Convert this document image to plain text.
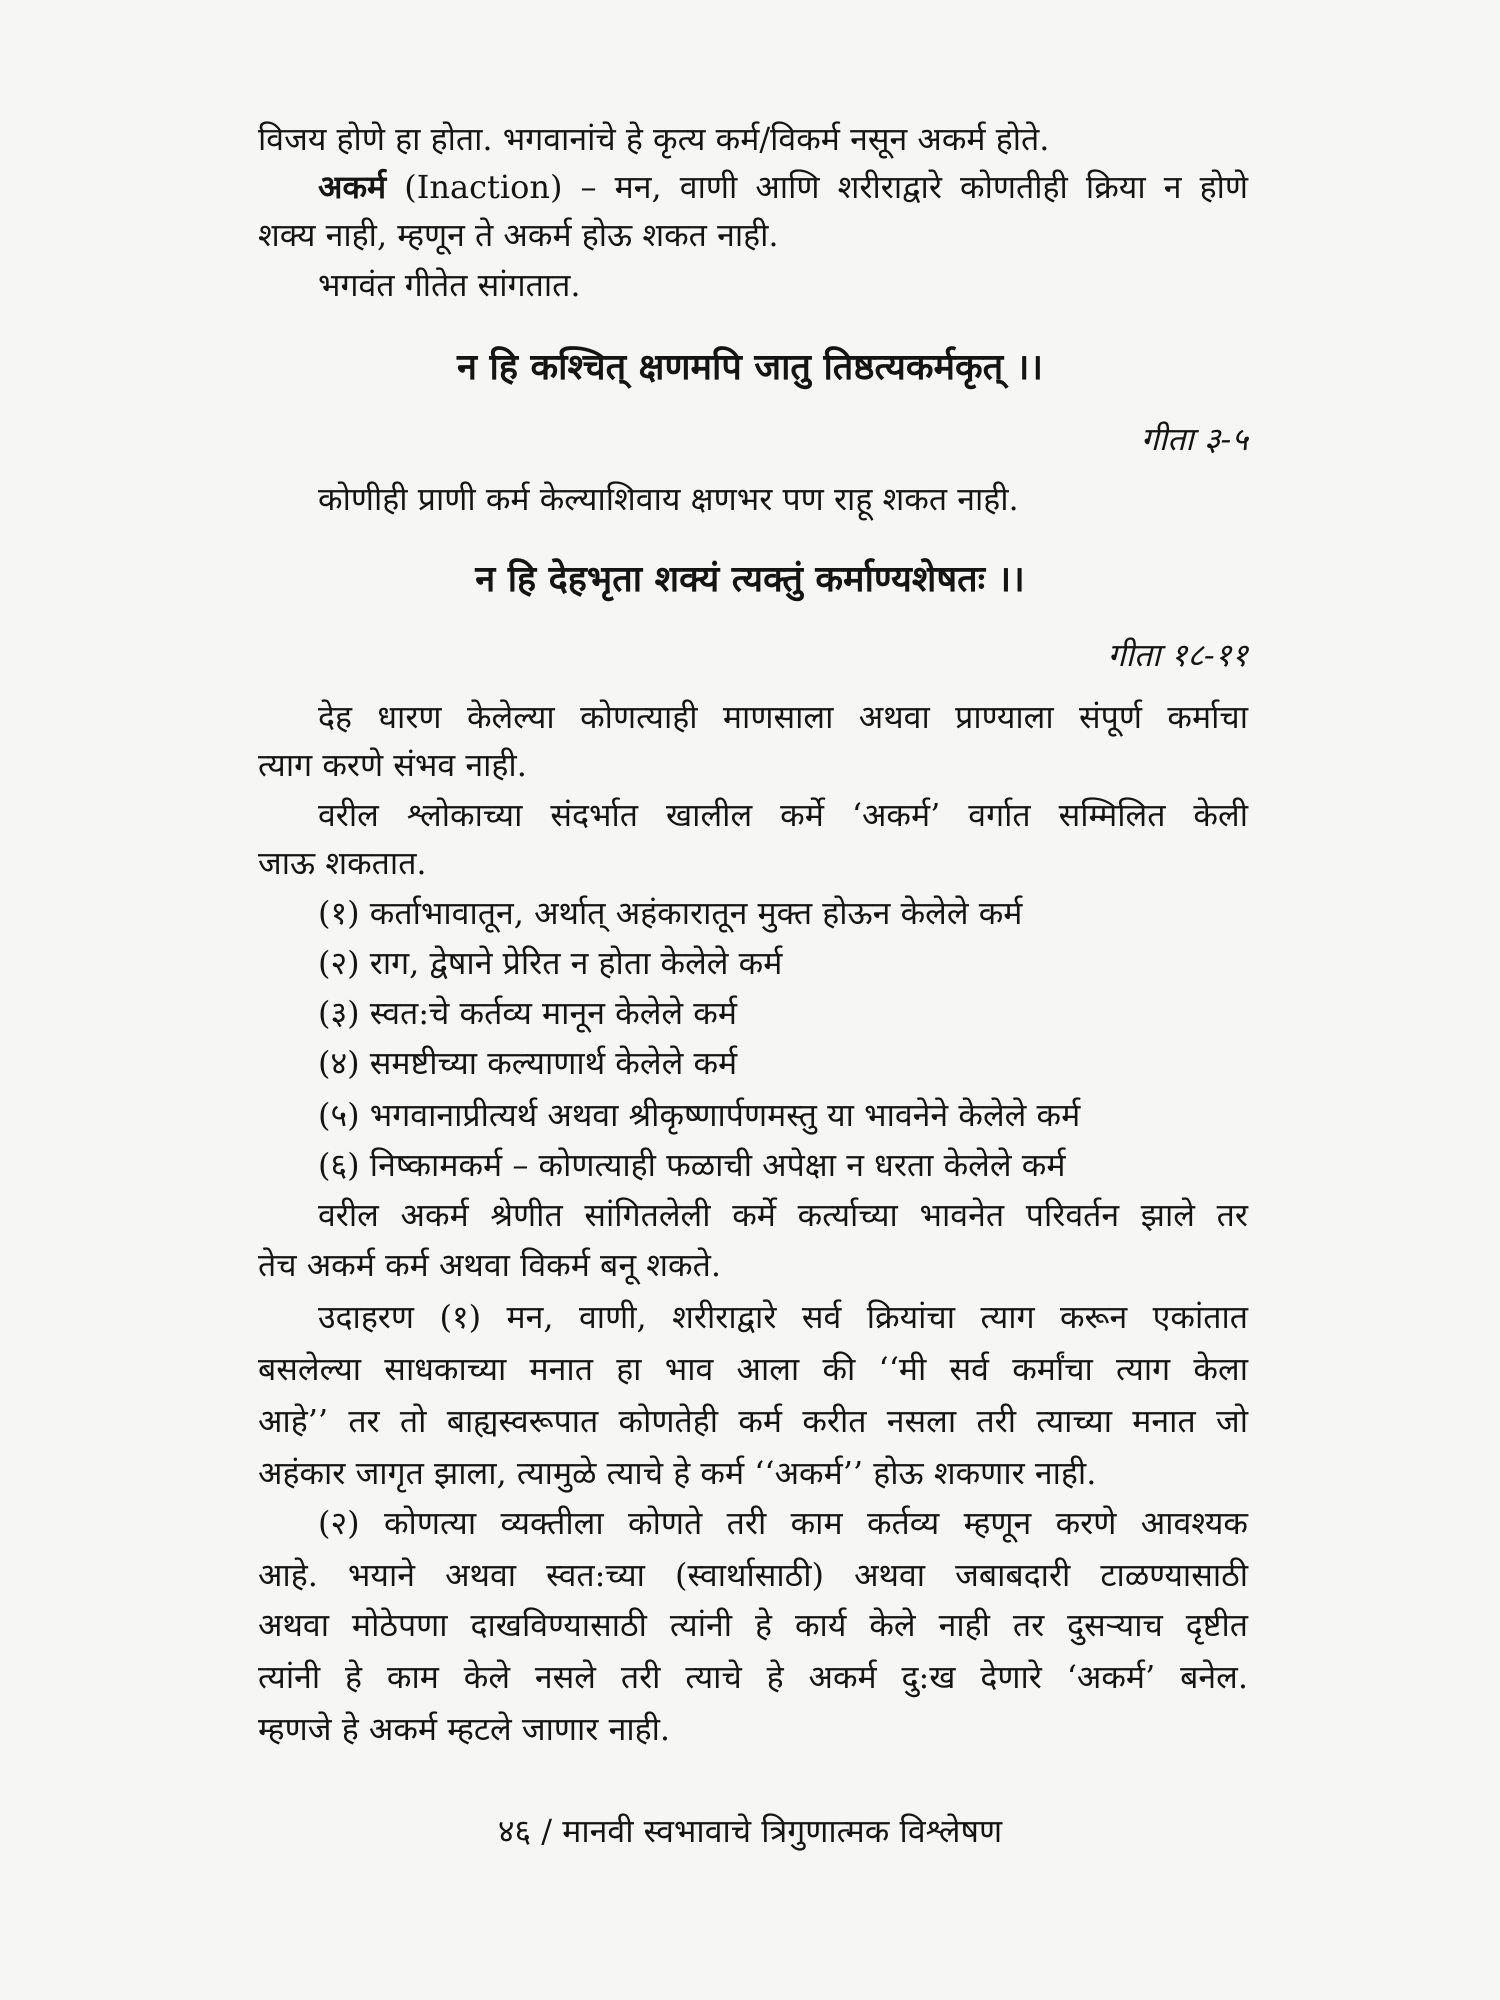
विजय होणे हा होता. भगवानांचे हे कृत्य कर्म/विकर्म नसून अकर्म होते.
अकर्म (Inaction) – मन, वाणी आणि शरीराद्वारे कोणतीही क्रिया न होणे
शक्य नाही, म्हणून ते अकर्म होऊ शकत नाही.
भगवंत गीतेत सांगतात.
न हि कश्चित् क्षणमपि जातु तिष्ठत्यकर्मकृत् ।।
गीता ३-५
कोणीही प्राणी कर्म केल्याशिवाय क्षणभर पण राहू शकत नाही.
न हि देहभृता शक्यं त्यक्तुं कर्माण्यशेषतः ।।
गीता १८-११
देह धारण केलेल्या कोणत्याही माणसाला अथवा प्राण्याला संपूर्ण कर्माचा
त्याग करणे संभव नाही.
वरील श्लोकाच्या संदर्भात खालील कर्मे ‘अकर्म’ वर्गात सम्मिलित केली
जाऊ शकतात.
(१) कर्ताभावातून, अर्थात् अहंकारातून मुक्त होऊन केलेले कर्म
(२) राग, द्वेषाने प्रेरित न होता केलेले कर्म
(३) स्वत:चे कर्तव्य मानून केलेले कर्म
(४) समष्टीच्या कल्याणार्थ केलेले कर्म
(५) भगवानाप्रीत्यर्थ अथवा श्रीकृष्णार्पणमस्तु या भावनेने केलेले कर्म
(६) निष्कामकर्म – कोणत्याही फळाची अपेक्षा न धरता केलेले कर्म
वरील अकर्म श्रेणीत सांगितलेली कर्मे कर्त्याच्या भावनेत परिवर्तन झाले तर
तेच अकर्म कर्म अथवा विकर्म बनू शकते.
उदाहरण (१) मन, वाणी, शरीराद्वारे सर्व क्रियांचा त्याग करून एकांतात
बसलेल्या साधकाच्या मनात हा भाव आला की ‘‘मी सर्व कर्मांचा त्याग केला
आहे’’ तर तो बाह्यस्वरूपात कोणतेही कर्म करीत नसला तरी त्याच्या मनात जो
अहंकार जागृत झाला, त्यामुळे त्याचे हे कर्म ‘‘अकर्म’’ होऊ शकणार नाही.
(२) कोणत्या व्यक्तीला कोणते तरी काम कर्तव्य म्हणून करणे आवश्यक
आहे. भयाने अथवा स्वत:च्या (स्वार्थासाठी) अथवा जबाबदारी टाळण्यासाठी
अथवा मोठेपणा दाखविण्यासाठी त्यांनी हे कार्य केले नाही तर दुसऱ्याच दृष्टीत
त्यांनी हे काम केले नसले तरी त्याचे हे अकर्म दु:ख देणारे ‘अकर्म’ बनेल.
म्हणजे हे अकर्म म्हटले जाणार नाही.
४६ / मानवी स्वभावाचे त्रिगुणात्मक विश्लेषण
